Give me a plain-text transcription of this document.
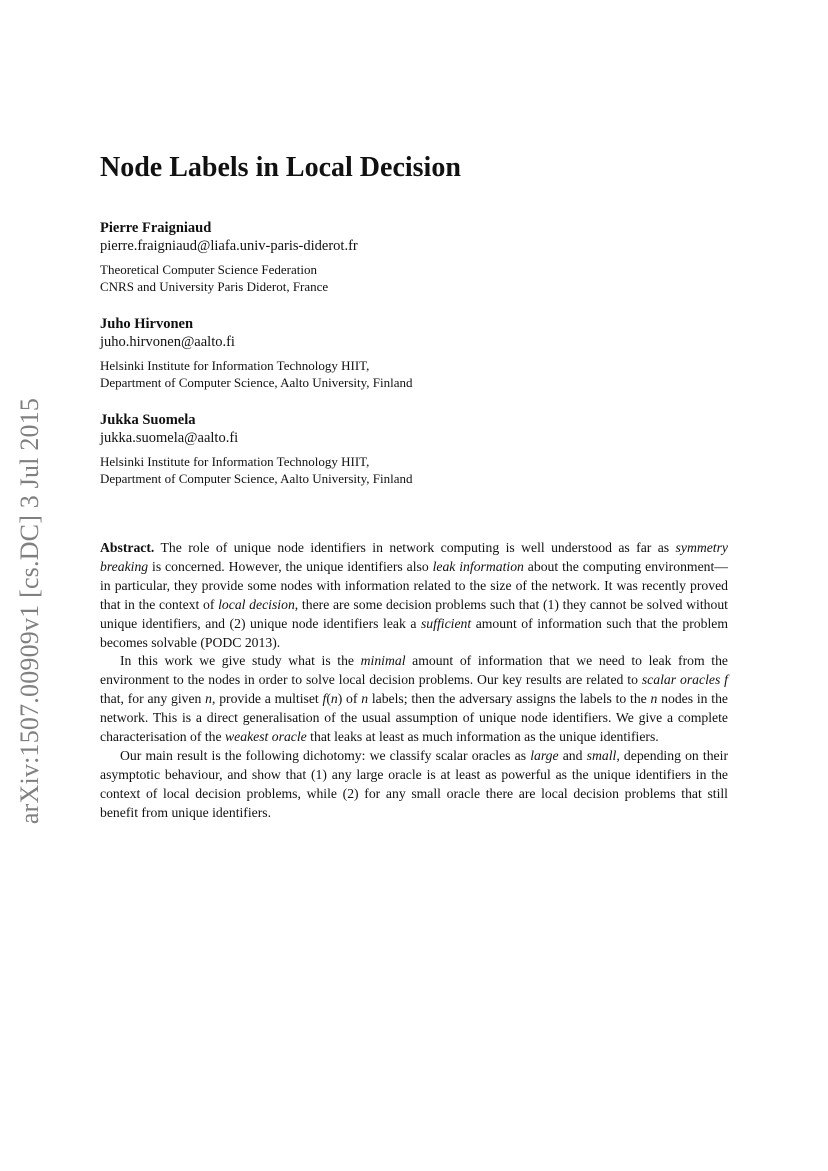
arXiv:1507.00909v1 [cs.DC] 3 Jul 2015
Node Labels in Local Decision
Pierre Fraigniaud
pierre.fraigniaud@liafa.univ-paris-diderot.fr
Theoretical Computer Science Federation
CNRS and University Paris Diderot, France
Juho Hirvonen
juho.hirvonen@aalto.fi
Helsinki Institute for Information Technology HIIT,
Department of Computer Science, Aalto University, Finland
Jukka Suomela
jukka.suomela@aalto.fi
Helsinki Institute for Information Technology HIIT,
Department of Computer Science, Aalto University, Finland

Abstract. The role of unique node identifiers in network computing is well understood as far as symmetry breaking is concerned. However, the unique identifiers also leak information about the computing environment—in particular, they provide some nodes with information related to the size of the network. It was recently proved that in the context of local decision, there are some decision problems such that (1) they cannot be solved without unique identifiers, and (2) unique node identifiers leak a sufficient amount of information such that the problem becomes solvable (PODC 2013).

In this work we give study what is the minimal amount of information that we need to leak from the environment to the nodes in order to solve local decision problems. Our key results are related to scalar oracles f that, for any given n, provide a multiset f(n) of n labels; then the adversary assigns the labels to the n nodes in the network. This is a direct generalisation of the usual assumption of unique node identifiers. We give a complete characterisation of the weakest oracle that leaks at least as much information as the unique identifiers.

Our main result is the following dichotomy: we classify scalar oracles as large and small, depending on their asymptotic behaviour, and show that (1) any large oracle is at least as powerful as the unique identifiers in the context of local decision problems, while (2) for any small oracle there are local decision problems that still benefit from unique identifiers.
